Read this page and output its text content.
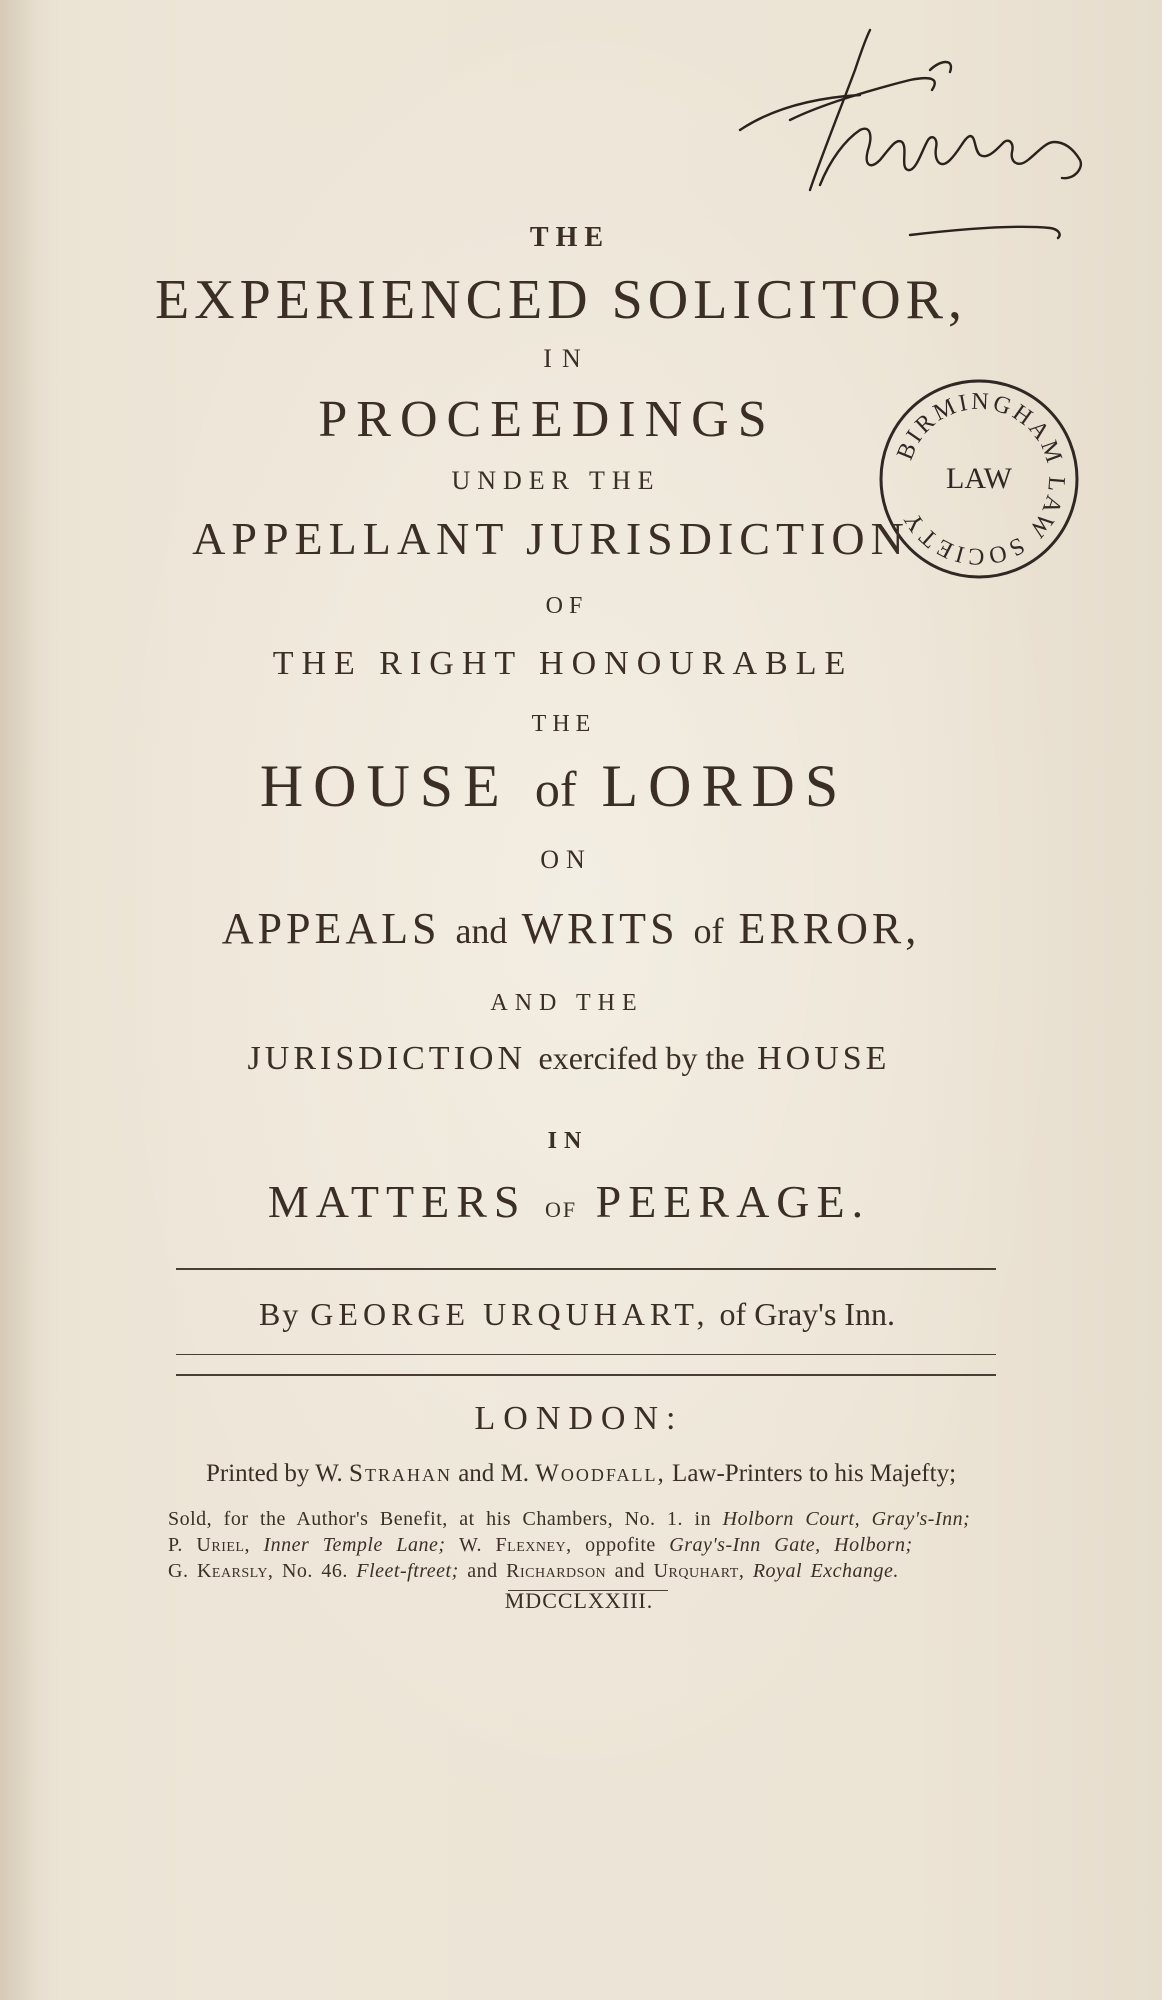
BIRMINGHAM LAW SOCIETY
LAW
THE
EXPERIENCED SOLICITOR,
IN
PROCEEDINGS
UNDER THE
APPELLANT JURISDICTION
OF
THE RIGHT HONOURABLE
THE
HOUSE of LORDS
ON
APPEALS and WRITS of ERROR,
AND THE
JURISDICTION exercifed by the HOUSE
IN
MATTERS of PEERAGE.
By GEORGE URQUHART, of Gray's Inn.
LONDON:
Printed by W. Strahan and M. Woodfall, Law-Printers to his Majefty;
Sold, for the Author's Benefit, at his Chambers, No. 1. in Holborn Court, Gray's-Inn;
P. Uriel, Inner Temple Lane; W. Flexney, oppofite Gray's-Inn Gate, Holborn;
G. Kearsly, No. 46. Fleet-ftreet; and Richardson and Urquhart, Royal Exchange.
MDCCLXXIII.
